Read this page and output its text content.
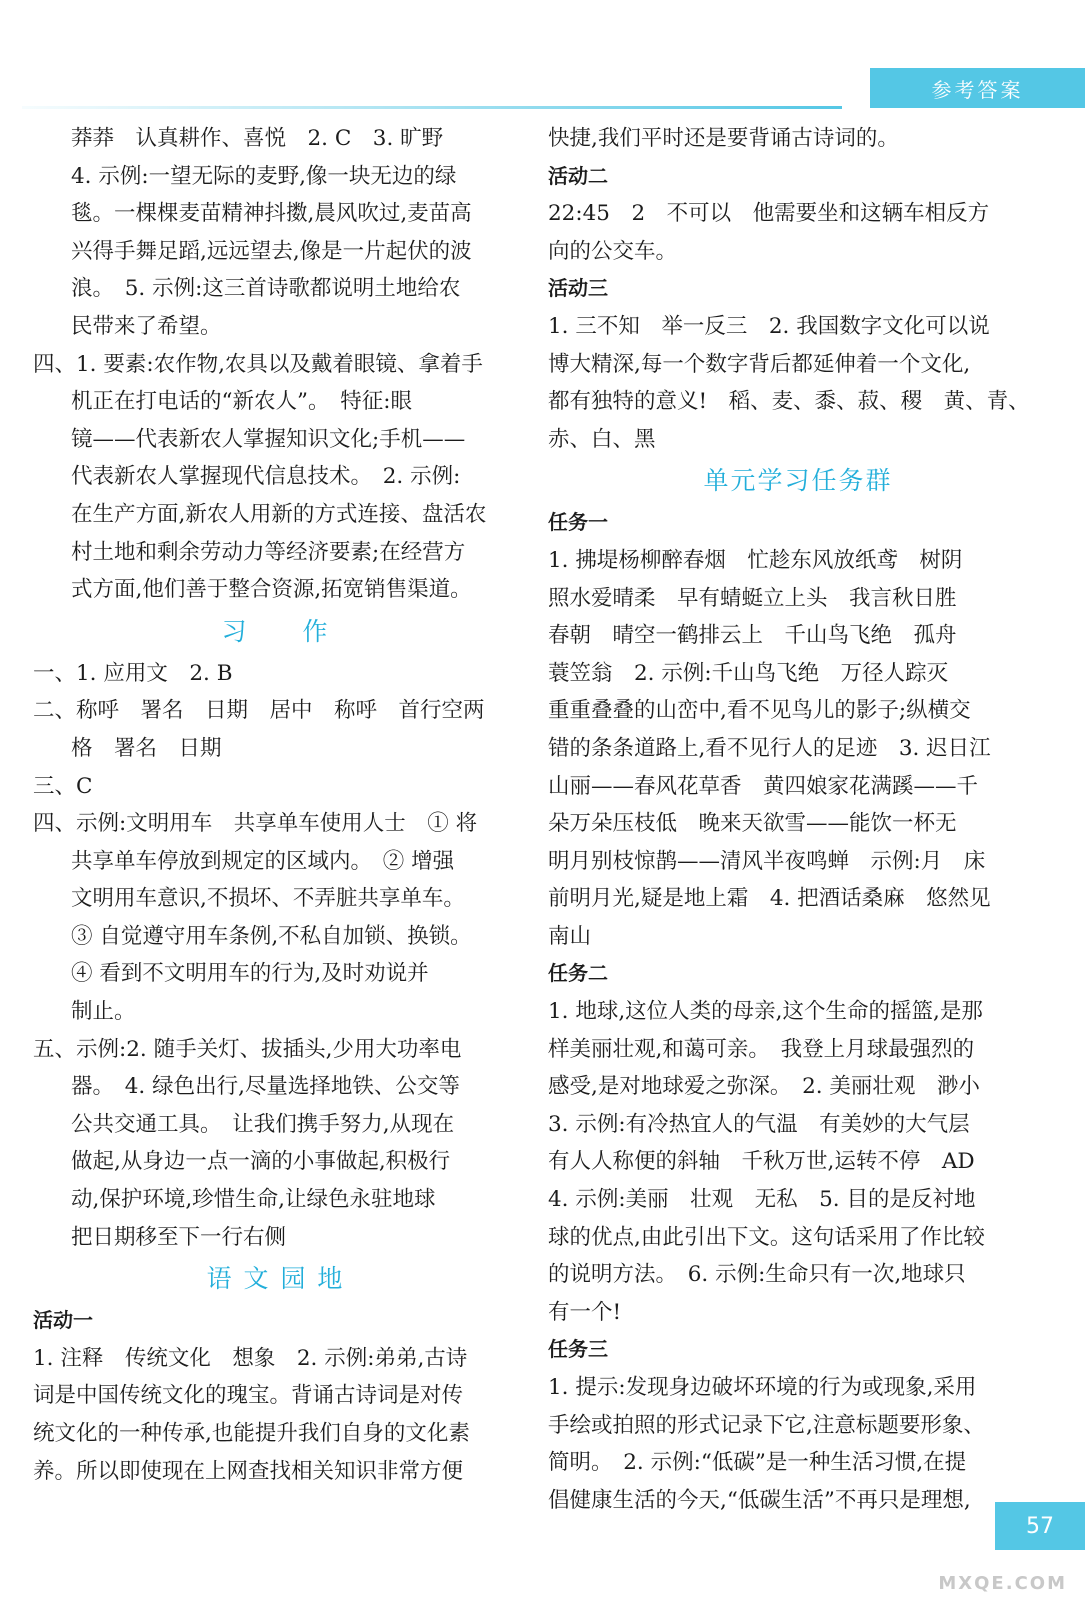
参考答案
莽莽　认真耕作、喜悦　2. C　3. 旷野
4. 示例:一望无际的麦野,像一块无边的绿
毯。一棵棵麦苗精神抖擞,晨风吹过,麦苗高
兴得手舞足蹈,远远望去,像是一片起伏的波
浪。　5. 示例:这三首诗歌都说明土地给农
民带来了希望。
四、1. 要素:农作物,农具以及戴着眼镜、拿着手
机正在打电话的“新农人”。　特征:眼
镜——代表新农人掌握知识文化;手机——
代表新农人掌握现代信息技术。　2. 示例:
在生产方面,新农人用新的方式连接、盘活农
村土地和剩余劳动力等经济要素;在经营方
式方面,他们善于整合资源,拓宽销售渠道。
习　　作
一、1. 应用文　2. B
二、称呼　署名　日期　居中　称呼　首行空两
格　署名　日期
三、C
四、示例:文明用车　共享单车使用人士　① 将
共享单车停放到规定的区域内。　② 增强
文明用车意识,不损坏、不弄脏共享单车。
③ 自觉遵守用车条例,不私自加锁、换锁。
④ 看到不文明用车的行为,及时劝说并
制止。
五、示例:2. 随手关灯、拔插头,少用大功率电
器。　4. 绿色出行,尽量选择地铁、公交等
公共交通工具。　让我们携手努力,从现在
做起,从身边一点一滴的小事做起,积极行
动,保护环境,珍惜生命,让绿色永驻地球
把日期移至下一行右侧
语 文 园 地
活动一
1. 注释　传统文化　想象　2. 示例:弟弟,古诗
词是中国传统文化的瑰宝。背诵古诗词是对传
统文化的一种传承,也能提升我们自身的文化素
养。所以即使现在上网查找相关知识非常方便
快捷,我们平时还是要背诵古诗词的。
活动二
22:45　2　不可以　他需要坐和这辆车相反方
向的公交车。
活动三
1. 三不知　举一反三　2. 我国数字文化可以说
博大精深,每一个数字背后都延伸着一个文化,
都有独特的意义!　稻、麦、黍、菽、稷　黄、青、
赤、白、黑
单元学习任务群
任务一
1. 拂堤杨柳醉春烟　忙趁东风放纸鸢　树阴
照水爱晴柔　早有蜻蜓立上头　我言秋日胜
春朝　晴空一鹤排云上　千山鸟飞绝　孤舟
蓑笠翁　2. 示例:千山鸟飞绝　万径人踪灭
重重叠叠的山峦中,看不见鸟儿的影子;纵横交
错的条条道路上,看不见行人的足迹　3. 迟日江
山丽——春风花草香　黄四娘家花满蹊——千
朵万朵压枝低　晚来天欲雪——能饮一杯无
明月别枝惊鹊——清风半夜鸣蝉　示例:月　床
前明月光,疑是地上霜　4. 把酒话桑麻　悠然见
南山
任务二
1. 地球,这位人类的母亲,这个生命的摇篮,是那
样美丽壮观,和蔼可亲。　我登上月球最强烈的
感受,是对地球爱之弥深。　2. 美丽壮观　渺小
3. 示例:有冷热宜人的气温　有美妙的大气层
有人人称便的斜轴　千秋万世,运转不停　AD
4. 示例:美丽　壮观　无私　5. 目的是反衬地
球的优点,由此引出下文。这句话采用了作比较
的说明方法。　6. 示例:生命只有一次,地球只
有一个!
任务三
1. 提示:发现身边破坏环境的行为或现象,采用
手绘或拍照的形式记录下它,注意标题要形象、
简明。　2. 示例:“低碳”是一种生活习惯,在提
倡健康生活的今天,“低碳生活”不再只是理想,
57
MXQE.COM
